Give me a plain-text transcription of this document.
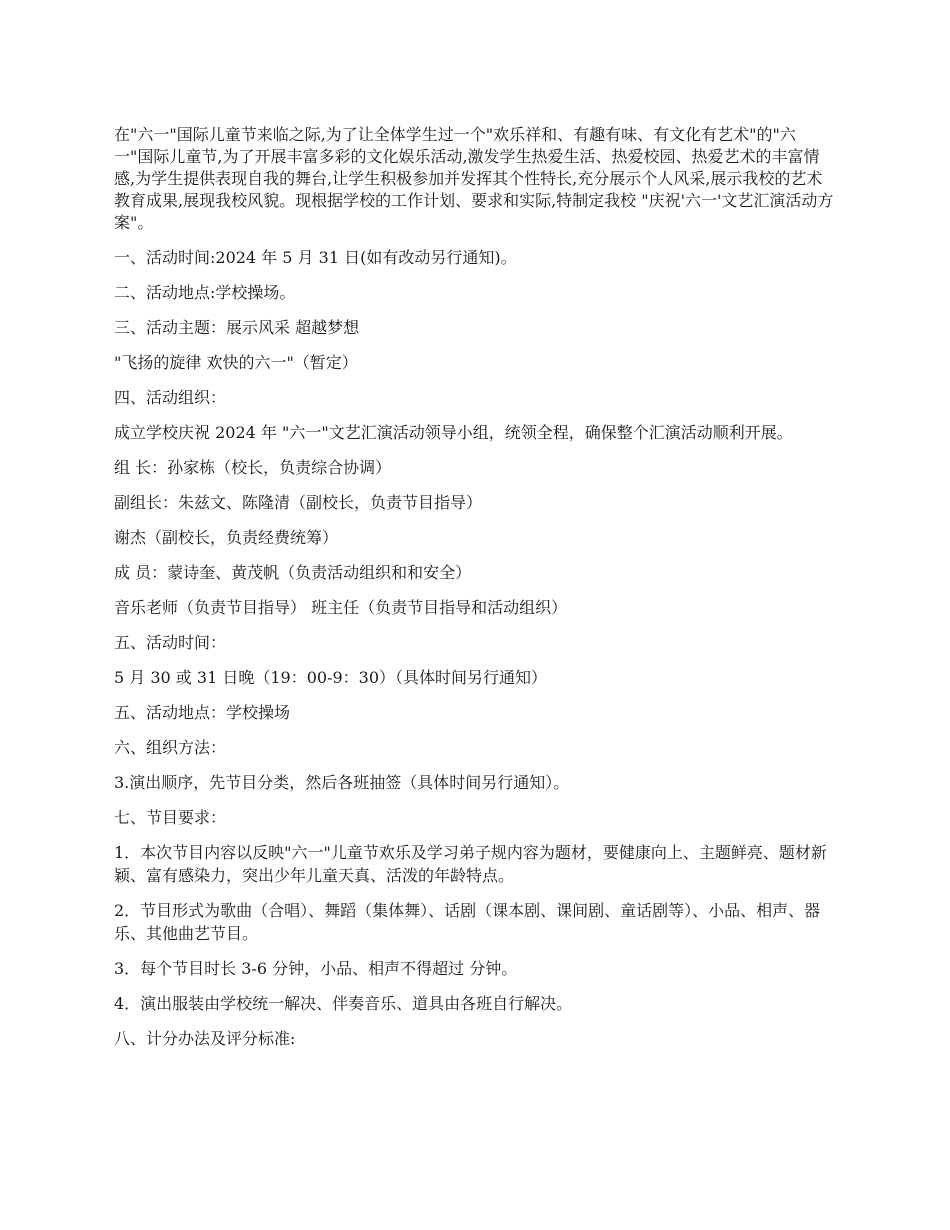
在"六一"国际儿童节来临之际,为了让全体学生过一个"欢乐祥和、有趣有味、有文化有艺术"的"六一"国际儿童节,为了开展丰富多彩的文化娱乐活动,激发学生热爱生活、热爱校园、热爱艺术的丰富情感,为学生提供表现自我的舞台,让学生积极参加并发挥其个性特长,充分展示个人风采,展示我校的艺术教育成果,展现我校风貌。现根据学校的工作计划、要求和实际,特制定我校 "庆祝'六一'文艺汇演活动方案"。

一、活动时间:2024 年 5 月 31 日(如有改动另行通知)。

二、活动地点:学校操场。

三、活动主题：展示风采 超越梦想

"飞扬的旋律 欢快的六一"（暂定）

四、活动组织：

成立学校庆祝 2024 年 "六一"文艺汇演活动领导小组，统领全程，确保整个汇演活动顺利开展。

组 长：孙家栋（校长，负责综合协调）

副组长：朱兹文、陈隆清（副校长，负责节目指导）

谢杰（副校长，负责经费统筹）

成 员：蒙诗奎、黄茂帆（负责活动组织和和安全）

音乐老师（负责节目指导） 班主任（负责节目指导和活动组织）

五、活动时间：

5 月 30 或 31 日晚（19：00-9：30）（具体时间另行通知）

五、活动地点：学校操场

六、组织方法：

3.演出顺序，先节目分类，然后各班抽签（具体时间另行通知）。

七、节目要求：

1．本次节目内容以反映"六一"儿童节欢乐及学习弟子规内容为题材，要健康向上、主题鲜亮、题材新颖、富有感染力，突出少年儿童天真、活泼的年龄特点。

2．节目形式为歌曲（合唱）、舞蹈（集体舞）、话剧（课本剧、课间剧、童话剧等）、小品、相声、器乐、其他曲艺节目。

3．每个节目时长 3-6 分钟，小品、相声不得超过 分钟。

4．演出服装由学校统一解决、伴奏音乐、道具由各班自行解决。

八、计分办法及评分标准:
